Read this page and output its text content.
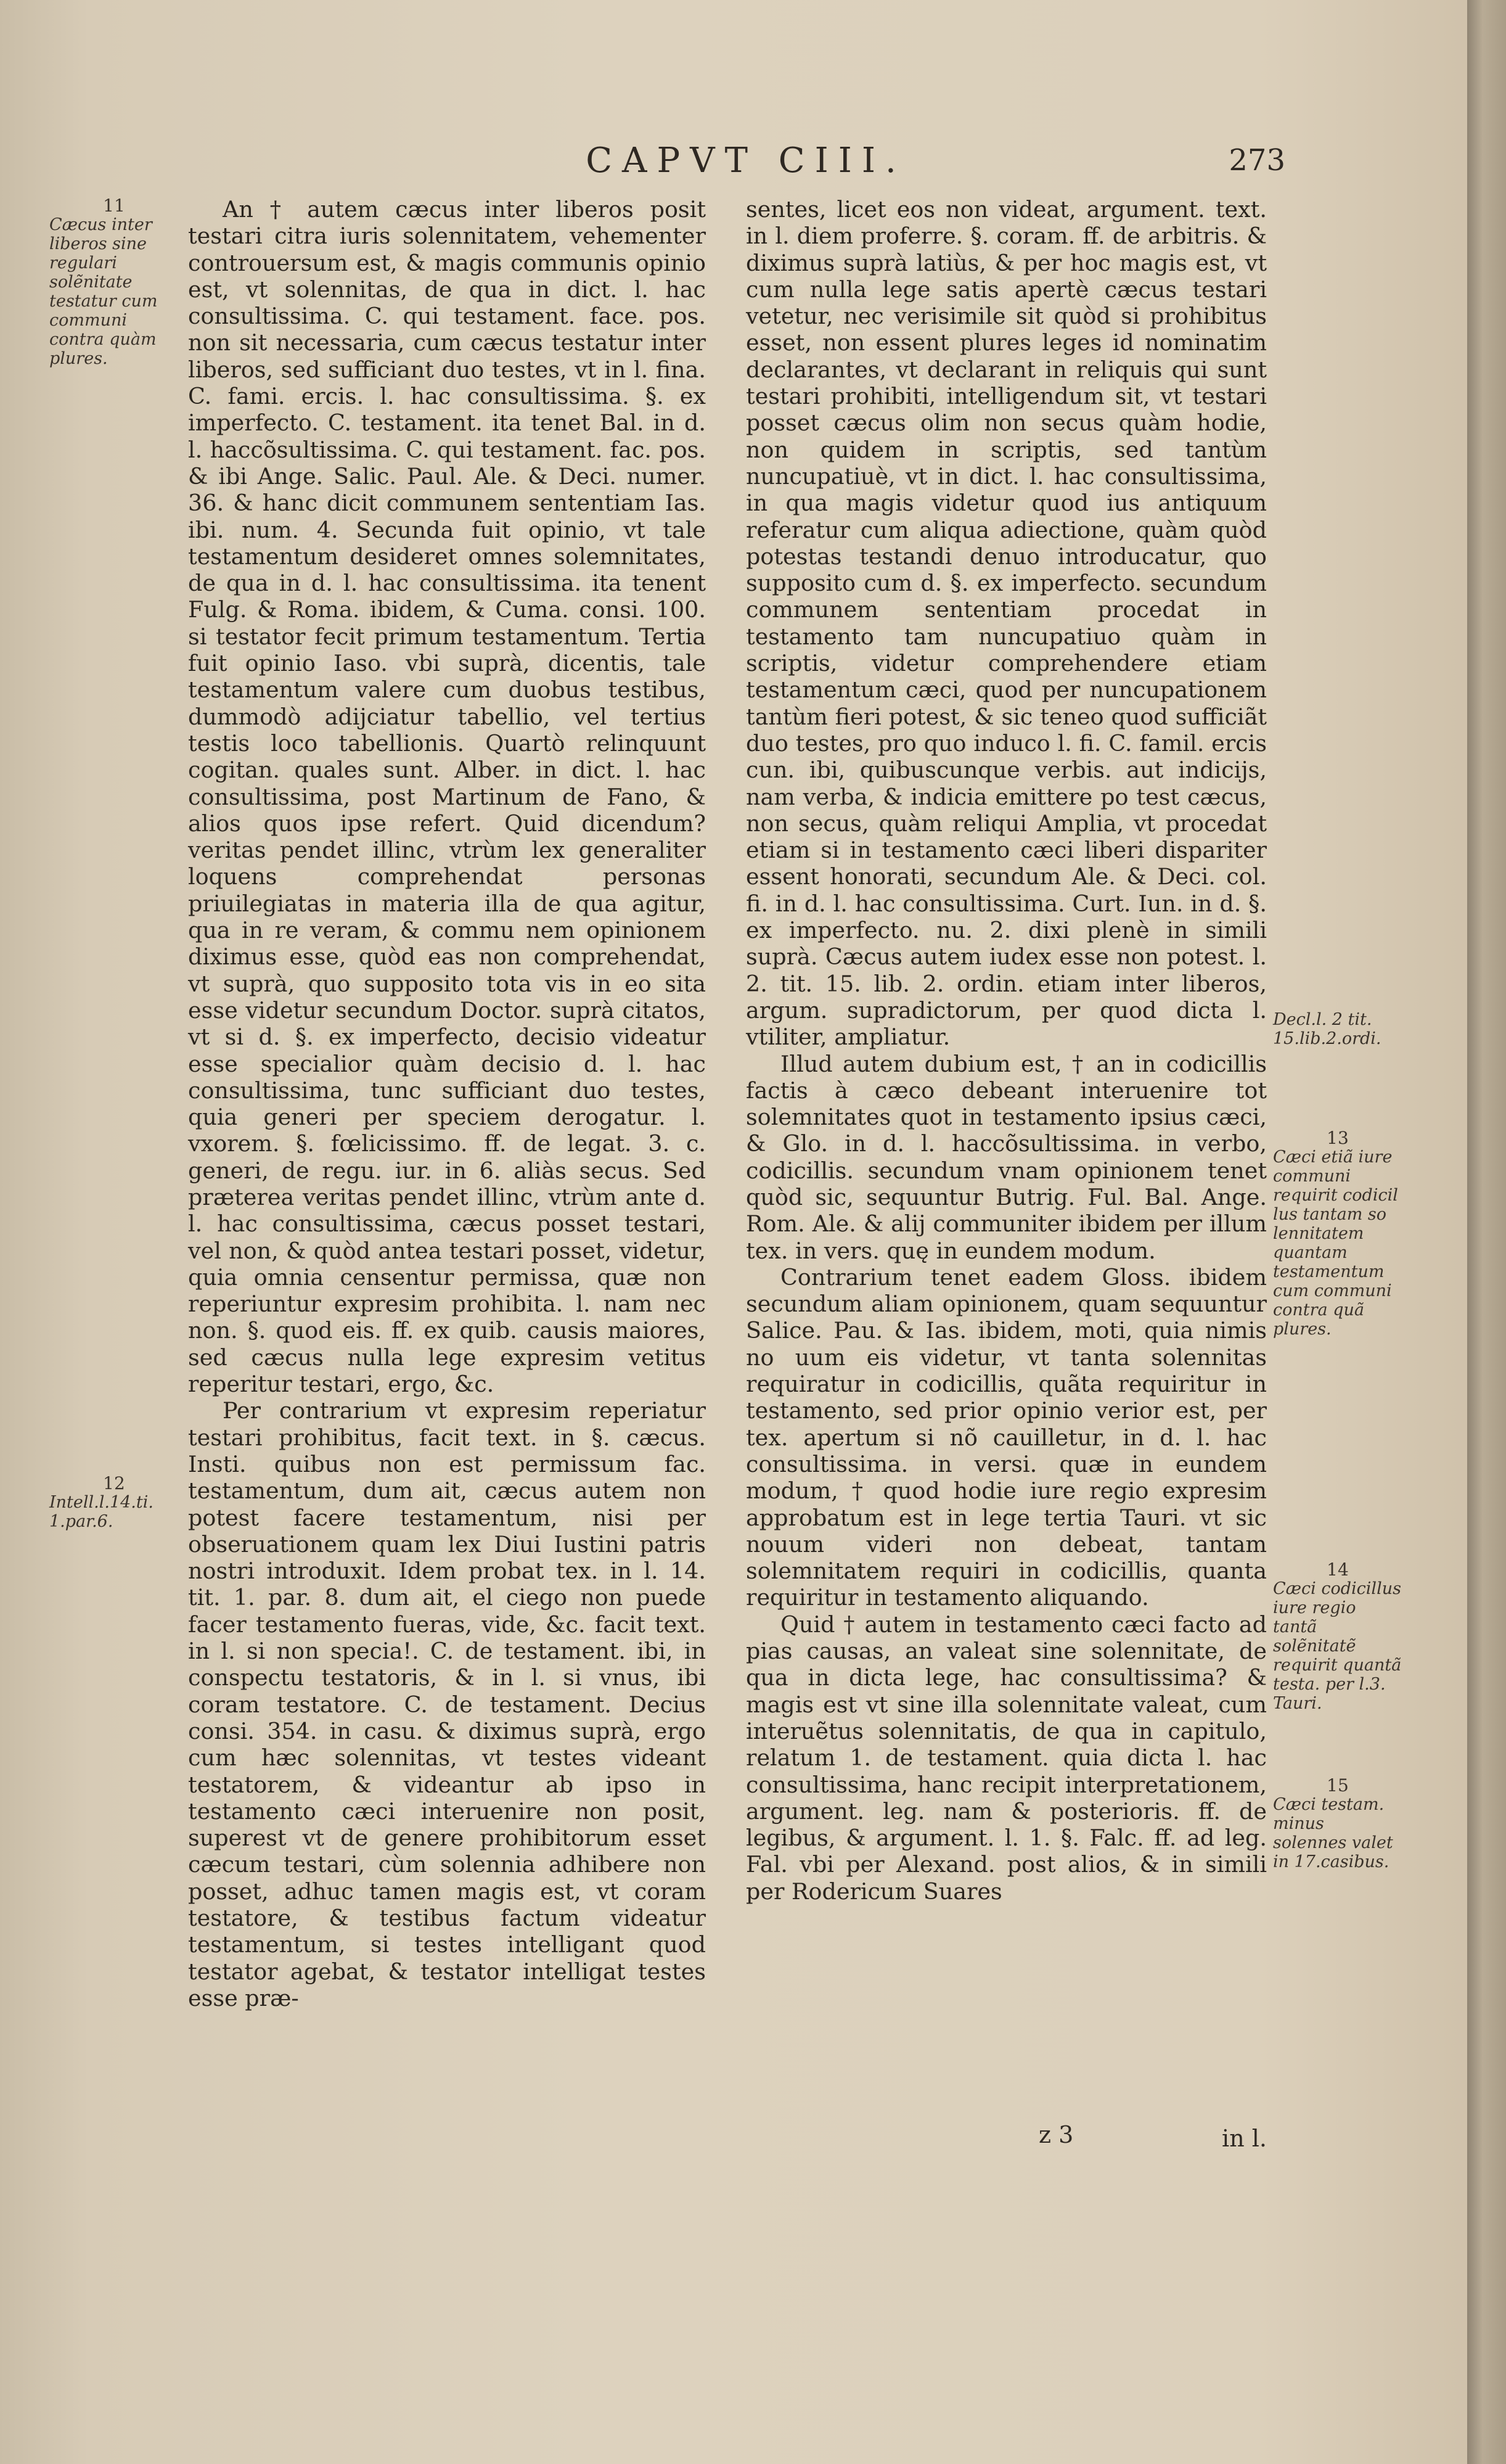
CAPVT CIII.	273
11
Cæcus inter liberos sine regulari solẽnitate testatur cum communi contra quàm plures.
12
Intell.l.14.ti. 1.par.6.

An † autem cæcus inter liberos posit testari citra iuris solennitatem, vehementer controuersum est, & magis communis opinio est, vt solennitas, de qua in dict. l. hac consultissima. C. qui testament. face. pos. non sit necessaria, cum cæcus testatur inter liberos, sed sufficiant duo testes, vt in l. fina. C. fami. ercis. l. hac consultissima. §. ex imperfecto. C. testament. ita tenet Bal. in d. l. haccõsultissima. C. qui testament. fac. pos. & ibi Ange. Salic. Paul. Ale. & Deci. numer. 36. & hanc dicit communem sententiam Ias. ibi. num. 4. Secunda fuit opinio, vt tale testamentum desideret omnes solemnitates, de qua in d. l. hac consultissima. ita tenent Fulg. & Roma. ibidem, & Cuma. consi. 100. si testator fecit primum testamentum. Tertia fuit opinio Iaso. vbi suprà, dicentis, tale testamentum valere cum duobus testibus, dummodò adijciatur tabellio, vel tertius testis loco tabellionis. Quartò relinquunt cogitan. quales sunt. Alber. in dict. l. hac consultissima, post Martinum de Fano, & alios quos ipse refert. Quid dicendum? veritas pendet illinc, vtrùm lex generaliter loquens comprehendat personas priuilegiatas in materia illa de qua agitur, qua in re veram, & commu nem opinionem diximus esse, quòd eas non comprehendat, vt suprà, quo supposito tota vis in eo sita esse videtur secundum Doctor. suprà citatos, vt si d. §. ex imperfecto, decisio videatur esse specialior quàm decisio d. l. hac consultissima, tunc sufficiant duo testes, quia generi per speciem derogatur. l. vxorem. §. fœlicissimo. ff. de legat. 3. c. generi, de regu. iur. in 6. aliàs secus. Sed præterea veritas pendet illinc, vtrùm ante d. l. hac consultissima, cæcus posset testari, vel non, & quòd antea testari posset, videtur, quia omnia censentur permissa, quæ non reperiuntur expresim prohibita. l. nam nec non. §. quod eis. ff. ex quib. causis maiores, sed cæcus nulla lege expresim vetitus reperitur testari, ergo, &c.

Per contrarium vt expresim reperiatur testari prohibitus, facit text. in §. cæcus. Insti. quibus non est permissum fac. testamentum, dum ait, cæcus autem non potest facere testamentum, nisi per obseruationem quam lex Diui Iustini patris nostri introduxit. Idem probat tex. in l. 14. tit. 1. par. 8. dum ait, el ciego non puede facer testamento fueras, vide, &c. facit text. in l. si non specia!. C. de testament. ibi, in conspectu testatoris, & in l. si vnus, ibi coram testatore. C. de testament. Decius consi. 354. in casu. & diximus suprà, ergo cum hæc solennitas, vt testes videant testatorem, & videantur ab ipso in testamento cæci interuenire non posit, superest vt de genere prohibitorum esset cæcum testari, cùm solennia adhibere non posset, adhuc tamen magis est, vt coram testatore, & testibus factum videatur testamentum, si testes intelligant quod testator agebat, & testator intelligat testes esse præ-

sentes, licet eos non videat, argument. text. in l. diem proferre. §. coram. ff. de arbitris. & diximus suprà latiùs, & per hoc magis est, vt cum nulla lege satis apertè cæcus testari vetetur, nec verisimile sit quòd si prohibitus esset, non essent plures leges id nominatim declarantes, vt declarant in reliquis qui sunt testari prohibiti, intelligendum sit, vt testari posset cæcus olim non secus quàm hodie, non quidem in scriptis, sed tantùm nuncupatiuè, vt in dict. l. hac consultissima, in qua magis videtur quod ius antiquum referatur cum aliqua adiectione, quàm quòd potestas testandi denuo introducatur, quo supposito cum d. §. ex imperfecto. secundum communem sententiam procedat in testamento tam nuncupatiuo quàm in scriptis, videtur comprehendere etiam testamentum cæci, quod per nuncupationem tantùm fieri potest, & sic teneo quod sufficiãt duo testes, pro quo induco l. fi. C. famil. ercis cun. ibi, quibuscunque verbis. aut indicijs, nam verba, & indicia emittere po test cæcus, non secus, quàm reliqui Amplia, vt procedat etiam si in testamento cæci liberi dispariter essent honorati, secundum Ale. & Deci. col. fi. in d. l. hac consultissima. Curt. Iun. in d. §. ex imperfecto. nu. 2. dixi plenè in simili suprà. Cæcus autem iudex esse non potest. l. 2. tit. 15. lib. 2. ordin. etiam inter liberos, argum. supradictorum, per quod dicta l. vtiliter, ampliatur.

Illud autem dubium est, † an in codicillis factis à cæco debeant interuenire tot solemnitates quot in testamento ipsius cæci, & Glo. in d. l. haccõsultissima. in verbo, codicillis. secundum vnam opinionem tenet quòd sic, sequuntur Butrig. Ful. Bal. Ange. Rom. Ale. & alij communiter ibidem per illum tex. in vers. quę in eundem modum.

Contrarium tenet eadem Gloss. ibidem secundum aliam opinionem, quam sequuntur Salice. Pau. & Ias. ibidem, moti, quia nimis no uum eis videtur, vt tanta solennitas requiratur in codicillis, quãta requiritur in testamento, sed prior opinio verior est, per tex. apertum si nõ cauilletur, in d. l. hac consultissima. in versi. quæ in eundem modum, † quod hodie iure regio expresim approbatum est in lege tertia Tauri. vt sic nouum videri non debeat, tantam solemnitatem requiri in codicillis, quanta requiritur in testamento aliquando.

Quid † autem in testamento cæci facto ad pias causas, an valeat sine solennitate, de qua in dicta lege, hac consultissima? & magis est vt sine illa solennitate valeat, cum interuẽtus solennitatis, de qua in capitulo, relatum 1. de testament. quia dicta l. hac consultissima, hanc recipit interpretationem, argument. leg. nam & posterioris. ff. de legibus, & argument. l. 1. §. Falc. ff. ad leg. Fal. vbi per Alexand. post alios, & in simili per Rodericum Suares

Decl.l. 2 tit. 15.lib.2.ordi.
13
Cæci etiã iure communi requirit codicil lus tantam so lennitatem quantam testamentum cum communi contra quã plures.
14
Cæci codicillus iure regio tantã solẽnitatẽ requirit quantã testa. per l.3. Tauri.
15
Cæci testam. minus solennes valet in 17.casibus.
z 3	in l.
